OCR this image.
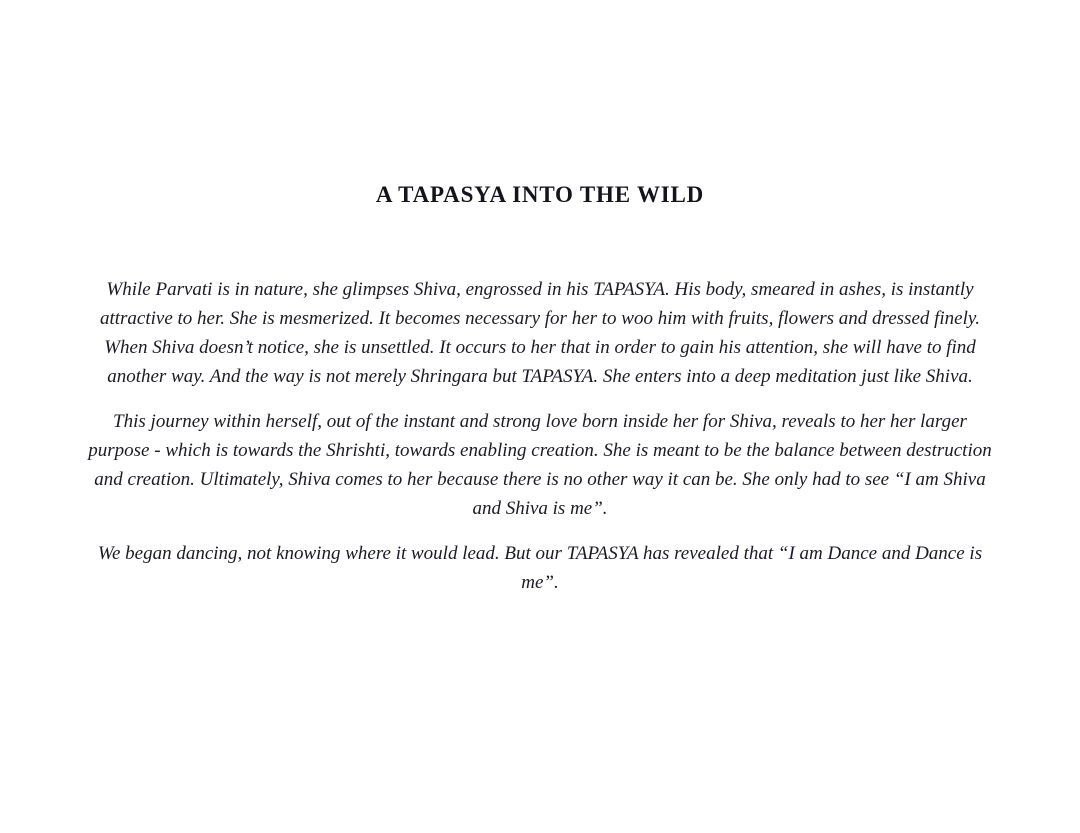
A TAPASYA INTO THE WILD

While Parvati is in nature, she glimpses Shiva, engrossed in his TAPASYA. His body, smeared in ashes, is instantly attractive to her. She is mesmerized. It becomes necessary for her to woo him with fruits, flowers and dressed finely. When Shiva doesn’t notice, she is unsettled. It occurs to her that in order to gain his attention, she will have to find another way. And the way is not merely Shringara but TAPASYA. She enters into a deep meditation just like Shiva.

This journey within herself, out of the instant and strong love born inside her for Shiva, reveals to her her larger purpose - which is towards the Shrishti, towards enabling creation. She is meant to be the balance between destruction and creation. Ultimately, Shiva comes to her because there is no other way it can be. She only had to see “I am Shiva and Shiva is me”.

We began dancing, not knowing where it would lead. But our TAPASYA has revealed that “I am Dance and Dance is me”.
